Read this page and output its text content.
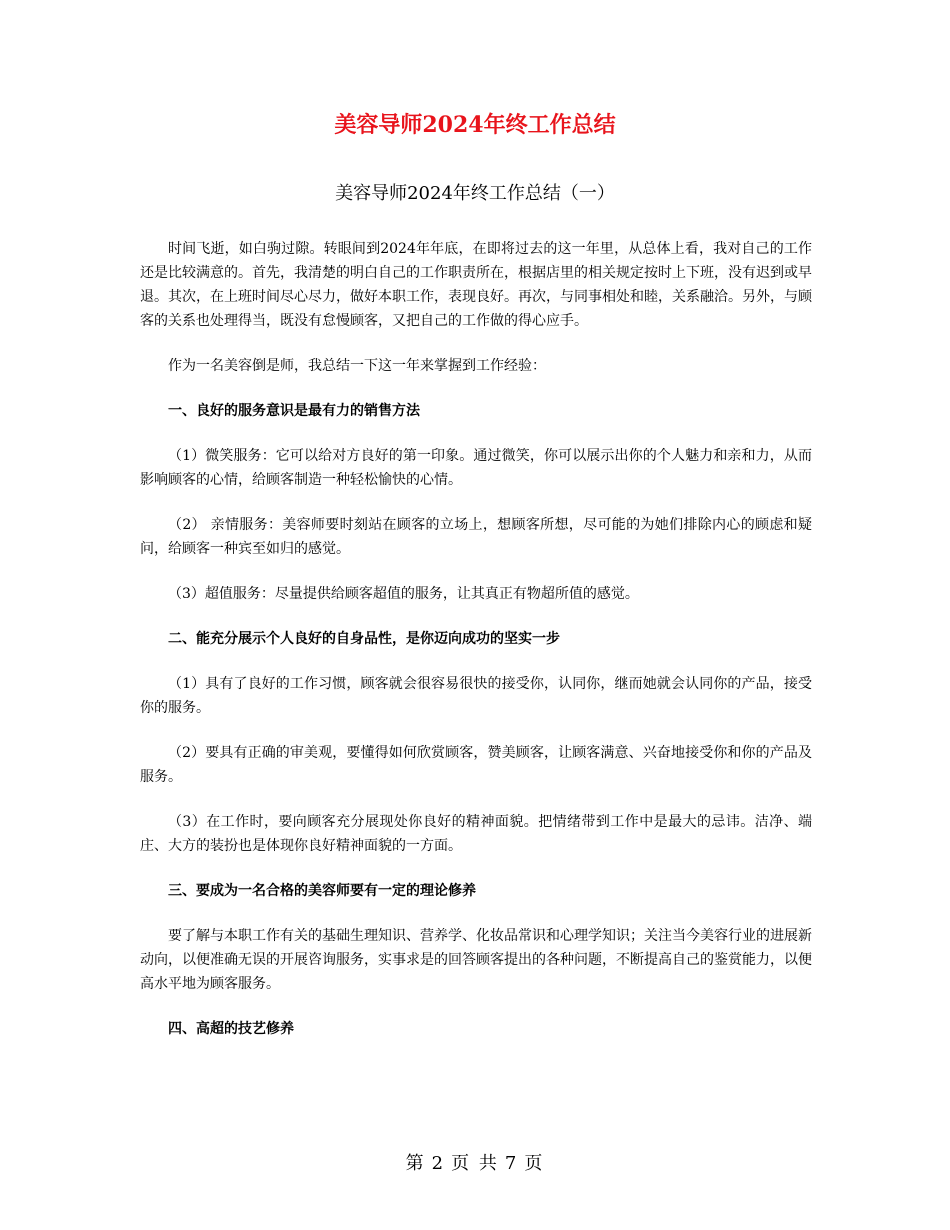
美容导师2024年终工作总结
美容导师2024年终工作总结（一）

时间飞逝，如白驹过隙。转眼间到2024年年底，在即将过去的这一年里，从总体上看，我对自己的工作还是比较满意的。首先，我清楚的明白自己的工作职责所在，根据店里的相关规定按时上下班，没有迟到或早退。其次，在上班时间尽心尽力，做好本职工作，表现良好。再次，与同事相处和睦，关系融洽。另外，与顾客的关系也处理得当，既没有怠慢顾客，又把自己的工作做的得心应手。

作为一名美容倒是师，我总结一下这一年来掌握到工作经验：

一、良好的服务意识是最有力的销售方法

（1）微笑服务：它可以给对方良好的第一印象。通过微笑，你可以展示出你的个人魅力和亲和力，从而影响顾客的心情，给顾客制造一种轻松愉快的心情。

（2） 亲情服务：美容师要时刻站在顾客的立场上，想顾客所想，尽可能的为她们排除内心的顾虑和疑问，给顾客一种宾至如归的感觉。

（3）超值服务：尽量提供给顾客超值的服务，让其真正有物超所值的感觉。

二、能充分展示个人良好的自身品性，是你迈向成功的坚实一步

（1）具有了良好的工作习惯，顾客就会很容易很快的接受你，认同你，继而她就会认同你的产品，接受你的服务。

（2）要具有正确的审美观，要懂得如何欣赏顾客，赞美顾客，让顾客满意、兴奋地接受你和你的产品及服务。

（3）在工作时，要向顾客充分展现处你良好的精神面貌。把情绪带到工作中是最大的忌讳。洁净、端庄、大方的装扮也是体现你良好精神面貌的一方面。

三、要成为一名合格的美容师要有一定的理论修养

要了解与本职工作有关的基础生理知识、营养学、化妆品常识和心理学知识；关注当今美容行业的进展新动向，以便准确无误的开展咨询服务，实事求是的回答顾客提出的各种问题，不断提高自己的鉴赏能力，以便高水平地为顾客服务。

四、高超的技艺修养

第 2 页 共 7 页
